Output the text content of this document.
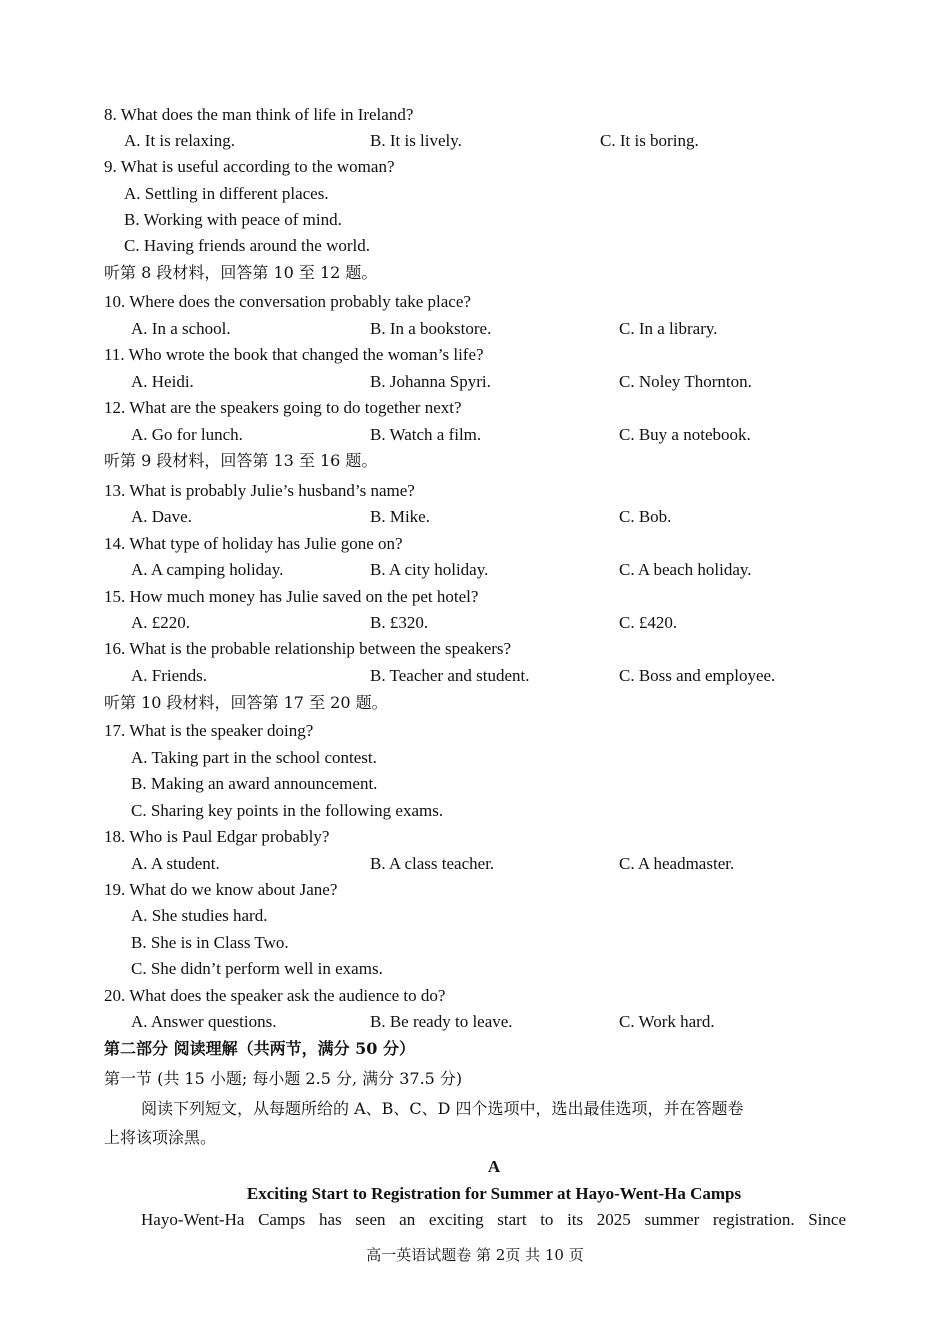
8. What does the man think of life in Ireland?
A. It is relaxing.	B. It is lively.	C. It is boring.
9. What is useful according to the woman?
A. Settling in different places.
B. Working with peace of mind.
C. Having friends around the world.
听第 8 段材料，回答第 10 至 12 题。
10. Where does the conversation probably take place?
A. In a school.	B. In a bookstore.	C. In a library.
11. Who wrote the book that changed the woman’s life?
A. Heidi.	B. Johanna Spyri.	C. Noley Thornton.
12. What are the speakers going to do together next?
A. Go for lunch.	B. Watch a film.	C. Buy a notebook.
听第 9 段材料，回答第 13 至 16 题。
13. What is probably Julie’s husband’s name?
A. Dave.	B. Mike.	C. Bob.
14. What type of holiday has Julie gone on?
A. A camping holiday.	B. A city holiday.	C. A beach holiday.
15. How much money has Julie saved on the pet hotel?
A. £220.	B. £320.	C. £420.
16. What is the probable relationship between the speakers?
A. Friends.	B. Teacher and student.	C. Boss and employee.
听第 10 段材料，回答第 17 至 20 题。
17. What is the speaker doing?
A. Taking part in the school contest.
B. Making an award announcement.
C. Sharing key points in the following exams.
18. Who is Paul Edgar probably?
A. A student.	B. A class teacher.	C. A headmaster.
19. What do we know about Jane?
A. She studies hard.
B. She is in Class Two.
C. She didn’t perform well in exams.
20. What does the speaker ask the audience to do?
A. Answer questions.	B. Be ready to leave.	C. Work hard.
第二部分 阅读理解（共两节，满分 50 分）
第一节 (共 15 小题; 每小题 2.5 分, 满分 37.5 分)
阅读下列短文，从每题所给的 A、B、C、D 四个选项中，选出最佳选项，并在答题卷
上将该项涂黑。
A
Exciting Start to Registration for Summer at Hayo-Went-Ha Camps
Hayo-Went-Ha Camps has seen an exciting start to its 2025 summer registration. Since
高一英语试题卷 第 2页 共 10 页
